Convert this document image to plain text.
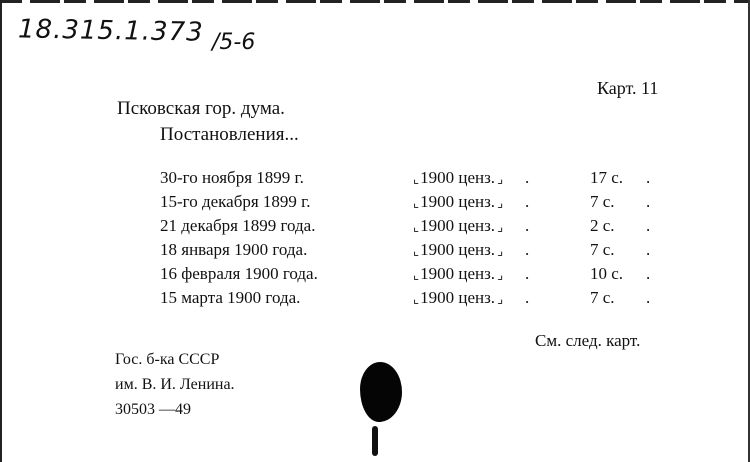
18.315.1.373 /5-6
Карт. 11
Псковская гор. дума.
Постановления...
30-го ноября 1899 г.	⌞ 1900 ценз. ⌟	.	17 с. .
15-го декабря 1899 г.	⌞ 1900 ценз. ⌟	.	7 с. .
21 декабря 1899 года.	⌞ 1900 ценз. ⌟	.	2 с. .
18 января 1900 года.	⌞ 1900 ценз. ⌟	.	7 с. .
16 февраля 1900 года.	⌞ 1900 ценз. ⌟	.	10 с. .
15 марта 1900 года.	⌞ 1900 ценз. ⌟	.	7 с. .
См. след. карт.
Гос. б-ка СССР
им. В. И. Ленина.
30503 —49
